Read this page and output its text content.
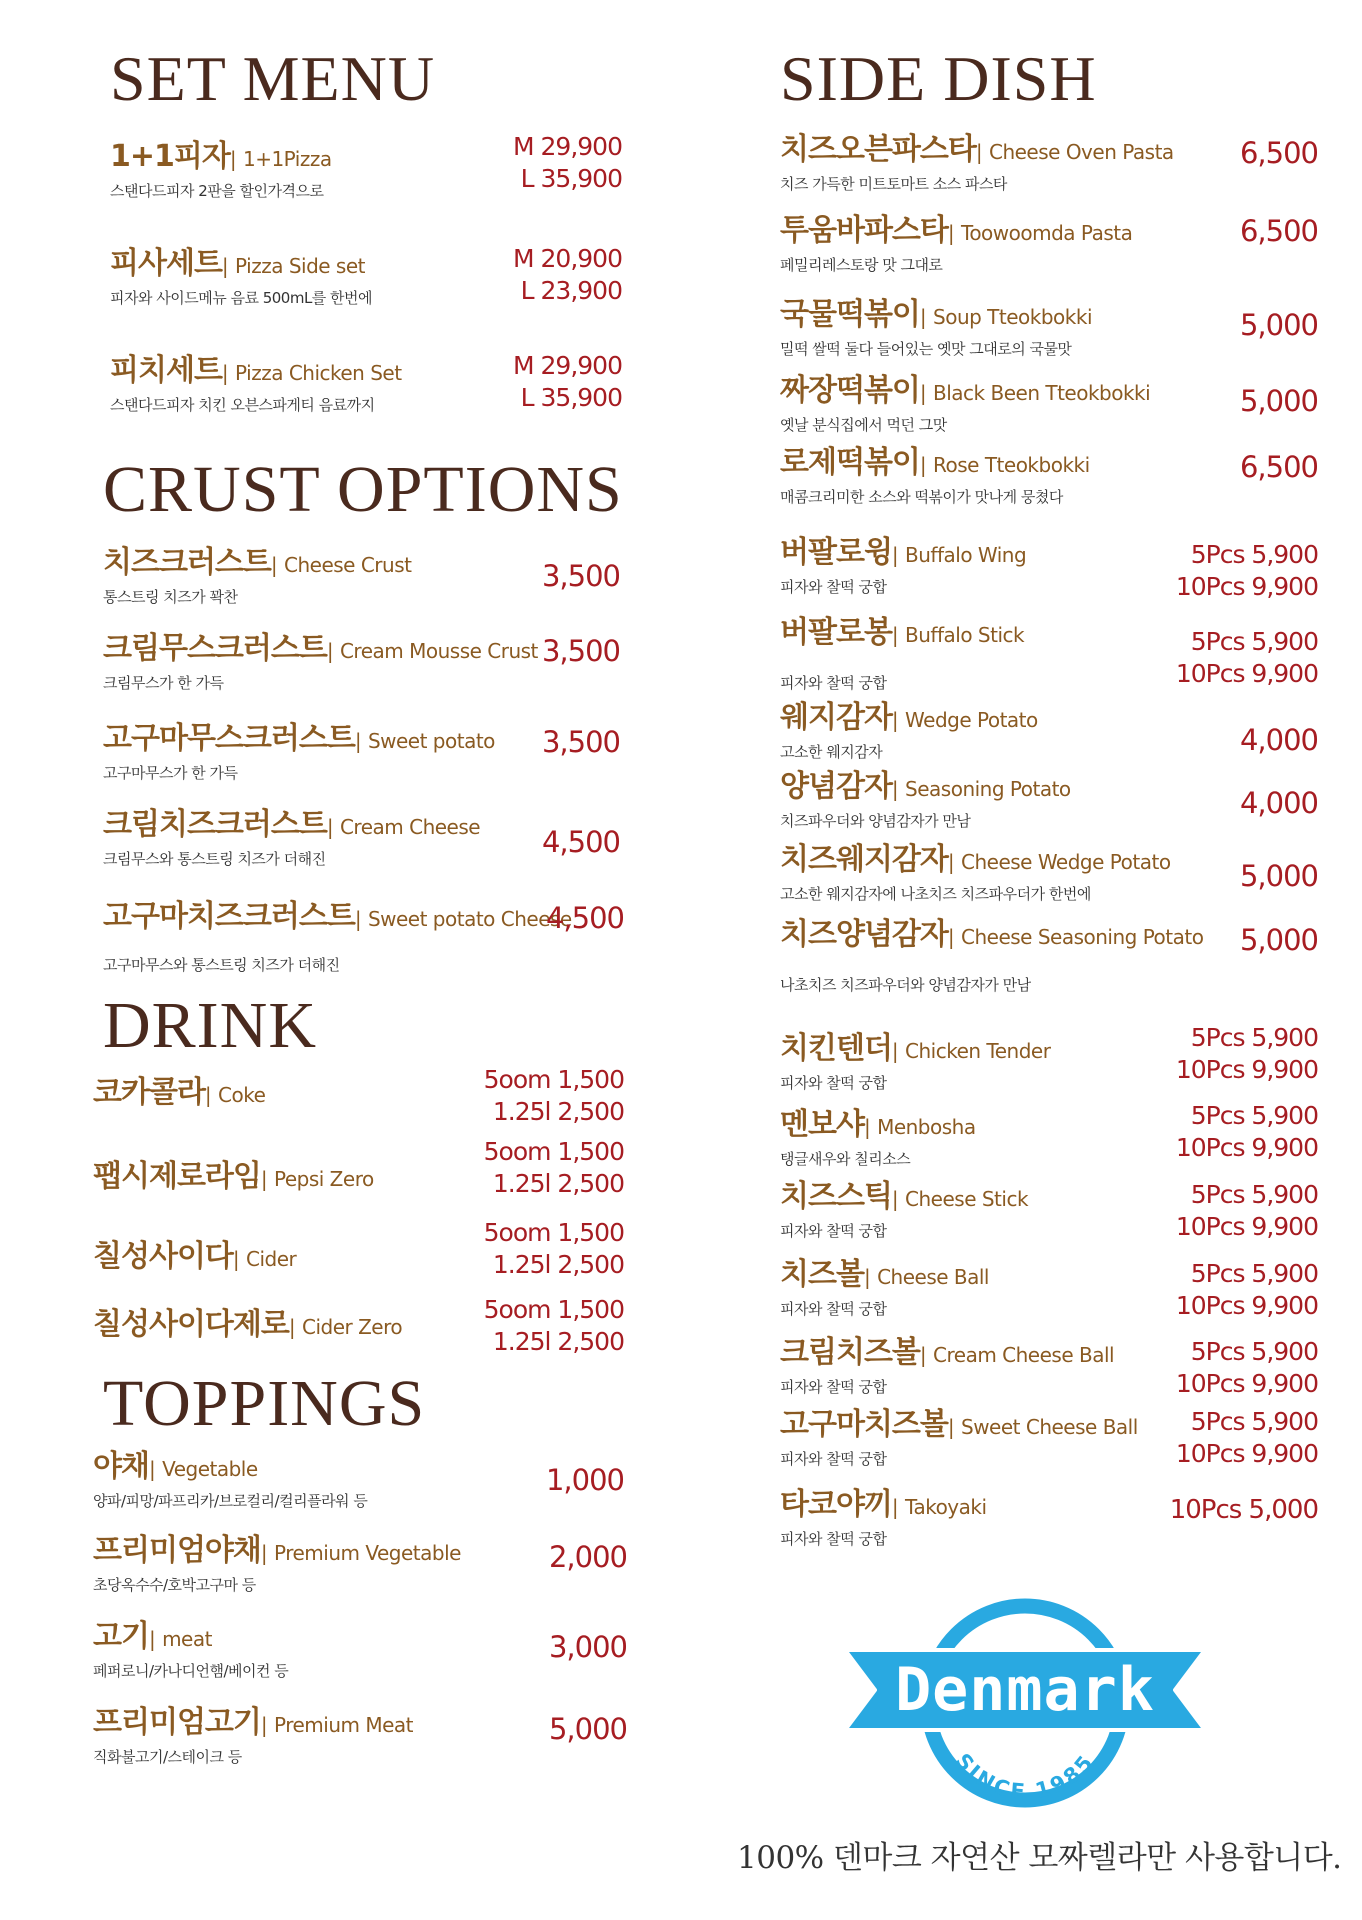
SET MENU
CRUST OPTIONS
DRINK
TOPPINGS
SIDE DISH
1+1피자| 1+1Pizza
스탠다드피자 2판을 할인가격으로
M 29,900
L 35,900
피사세트| Pizza Side set
피자와 사이드메뉴 음료 500mL를 한번에
M 20,900
L 23,900
피치세트| Pizza Chicken Set
스탠다드피자 치킨 오븐스파게티 음료까지
M 29,900
L 35,900
치즈크러스트| Cheese Crust
통스트링 치즈가 꽉찬
3,500
크림무스크러스트| Cream Mousse Crust
크림무스가 한 가득
3,500
고구마무스크러스트| Sweet potato
고구마무스가 한 가득
3,500
크림치즈크러스트| Cream Cheese
크림무스와 통스트링 치즈가 더해진	4,500
고구마치즈크러스트| Sweet potato Cheese
고구마무스와 통스트링 치즈가 더해진
4,500
코카콜라| Coke
5oom 1,500
1.25l 2,500
팹시제로라임| Pepsi Zero
5oom 1,500
1.25l 2,500
칠성사이다| Cider
5oom 1,500
1.25l 2,500
칠성사이다제로| Cider Zero
5oom 1,500
1.25l 2,500
야채| Vegetable
양파/피망/파프리카/브로컬리/컬리플라워 등
1,000
프리미엄야채| Premium Vegetable
초당옥수수/호박고구마 등
2,000
고기| meat
페퍼로니/카나디언햄/베이컨 등
3,000
프리미엄고기| Premium Meat
직화불고기/스테이크 등
5,000
치즈오븐파스타| Cheese Oven Pasta
치즈 가득한 미트토마트 소스 파스타
6,500
투움바파스타| Toowoomda Pasta
페밀리레스토랑 맛 그대로
6,500
국물떡볶이| Soup Tteokbokki
밀떡 쌀떡 둘다 들어있는 옛맛 그대로의 국물맛
5,000
짜장떡볶이| Black Been Tteokbokki
옛날 분식집에서 먹던 그맛
5,000
로제떡볶이| Rose Tteokbokki
매콤크리미한 소스와 떡볶이가 맛나게 뭉쳤다
6,500
버팔로윙| Buffalo Wing
피자와 찰떡 궁합
5Pcs 5,900
10Pcs 9,900
버팔로봉| Buffalo Stick
피자와 찰떡 궁합
5Pcs 5,900
10Pcs 9,900
웨지감자| Wedge Potato
고소한 웨지감자	4,000
양념감자| Seasoning Potato
치즈파우더와 양념감자가 만남
4,000
치즈웨지감자| Cheese Wedge Potato
고소한 웨지감자에 나초치즈 치즈파우더가 한번에
5,000
치즈양념감자| Cheese Seasoning Potato
나초치즈 치즈파우더와 양념감자가 만남
5,000
치킨텐더| Chicken Tender
피자와 찰떡 궁합
5Pcs 5,900
10Pcs 9,900
멘보샤| Menbosha
탱글새우와 칠리소스
5Pcs 5,900
10Pcs 9,900
치즈스틱| Cheese Stick
피자와 찰떡 궁합
5Pcs 5,900
10Pcs 9,900
치즈볼| Cheese Ball
피자와 찰떡 궁합
5Pcs 5,900
10Pcs 9,900
크림치즈볼| Cream Cheese Ball
피자와 찰떡 궁합
5Pcs 5,900
10Pcs 9,900
고구마치즈볼| Sweet Cheese Ball
피자와 찰떡 궁합
5Pcs 5,900
10Pcs 9,900
타코야끼| Takoyaki
피자와 찰떡 궁합
10Pcs 5,000
Denmark
SINCE 1985
100% 덴마크 자연산 모짜렐라만 사용합니다.
